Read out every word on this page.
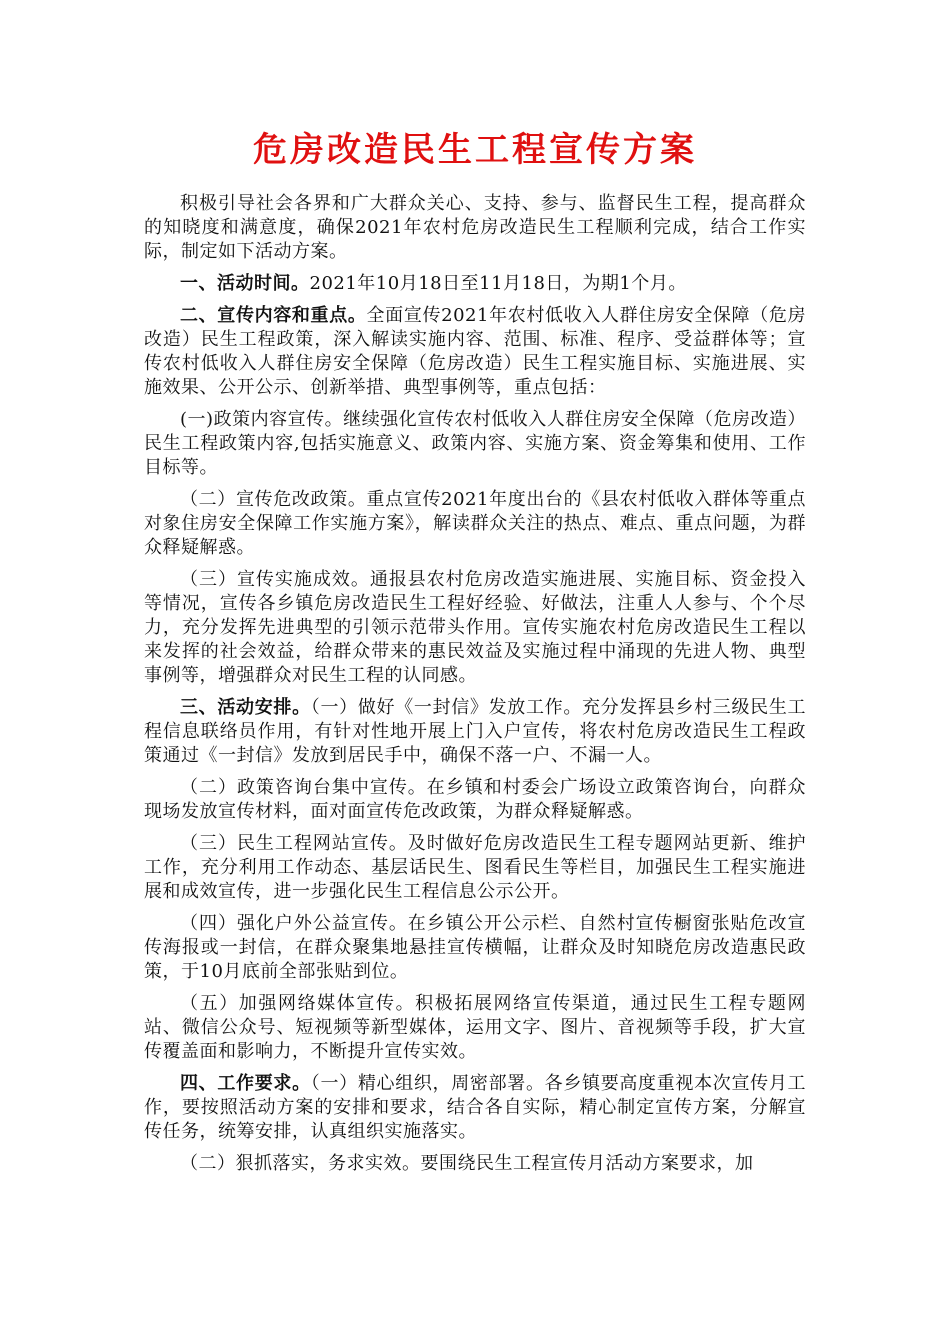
危房改造民生工程宣传方案

积极引导社会各界和广大群众关心、支持、参与、监督民生工程，提高群众的知晓度和满意度，确保2021年农村危房改造民生工程顺利完成，结合工作实际，制定如下活动方案。

一、活动时间。2021年10月18日至11月18日，为期1个月。

二、宣传内容和重点。全面宣传2021年农村低收入人群住房安全保障（危房改造）民生工程政策，深入解读实施内容、范围、标准、程序、受益群体等；宣传农村低收入人群住房安全保障（危房改造）民生工程实施目标、实施进展、实施效果、公开公示、创新举措、典型事例等，重点包括：

(一)政策内容宣传。继续强化宣传农村低收入人群住房安全保障（危房改造）民生工程政策内容,包括实施意义、政策内容、实施方案、资金筹集和使用、工作目标等。

（二）宣传危改政策。重点宣传2021年度出台的《县农村低收入群体等重点对象住房安全保障工作实施方案》，解读群众关注的热点、难点、重点问题，为群众释疑解惑。

（三）宣传实施成效。通报县农村危房改造实施进展、实施目标、资金投入等情况，宣传各乡镇危房改造民生工程好经验、好做法，注重人人参与、个个尽力，充分发挥先进典型的引领示范带头作用。宣传实施农村危房改造民生工程以来发挥的社会效益，给群众带来的惠民效益及实施过程中涌现的先进人物、典型事例等，增强群众对民生工程的认同感。

三、活动安排。（一）做好《一封信》发放工作。充分发挥县乡村三级民生工程信息联络员作用，有针对性地开展上门入户宣传，将农村危房改造民生工程政策通过《一封信》发放到居民手中，确保不落一户、不漏一人。

（二）政策咨询台集中宣传。在乡镇和村委会广场设立政策咨询台，向群众现场发放宣传材料，面对面宣传危改政策，为群众释疑解惑。

（三）民生工程网站宣传。及时做好危房改造民生工程专题网站更新、维护工作，充分利用工作动态、基层话民生、图看民生等栏目，加强民生工程实施进展和成效宣传，进一步强化民生工程信息公示公开。

（四）强化户外公益宣传。在乡镇公开公示栏、自然村宣传橱窗张贴危改宣传海报或一封信，在群众聚集地悬挂宣传横幅，让群众及时知晓危房改造惠民政策，于10月底前全部张贴到位。

（五）加强网络媒体宣传。积极拓展网络宣传渠道，通过民生工程专题网站、微信公众号、短视频等新型媒体，运用文字、图片、音视频等手段，扩大宣传覆盖面和影响力，不断提升宣传实效。

四、工作要求。（一）精心组织，周密部署。各乡镇要高度重视本次宣传月工作，要按照活动方案的安排和要求，结合各自实际，精心制定宣传方案，分解宣传任务，统筹安排，认真组织实施落实。

（二）狠抓落实，务求实效。要围绕民生工程宣传月活动方案要求，加
